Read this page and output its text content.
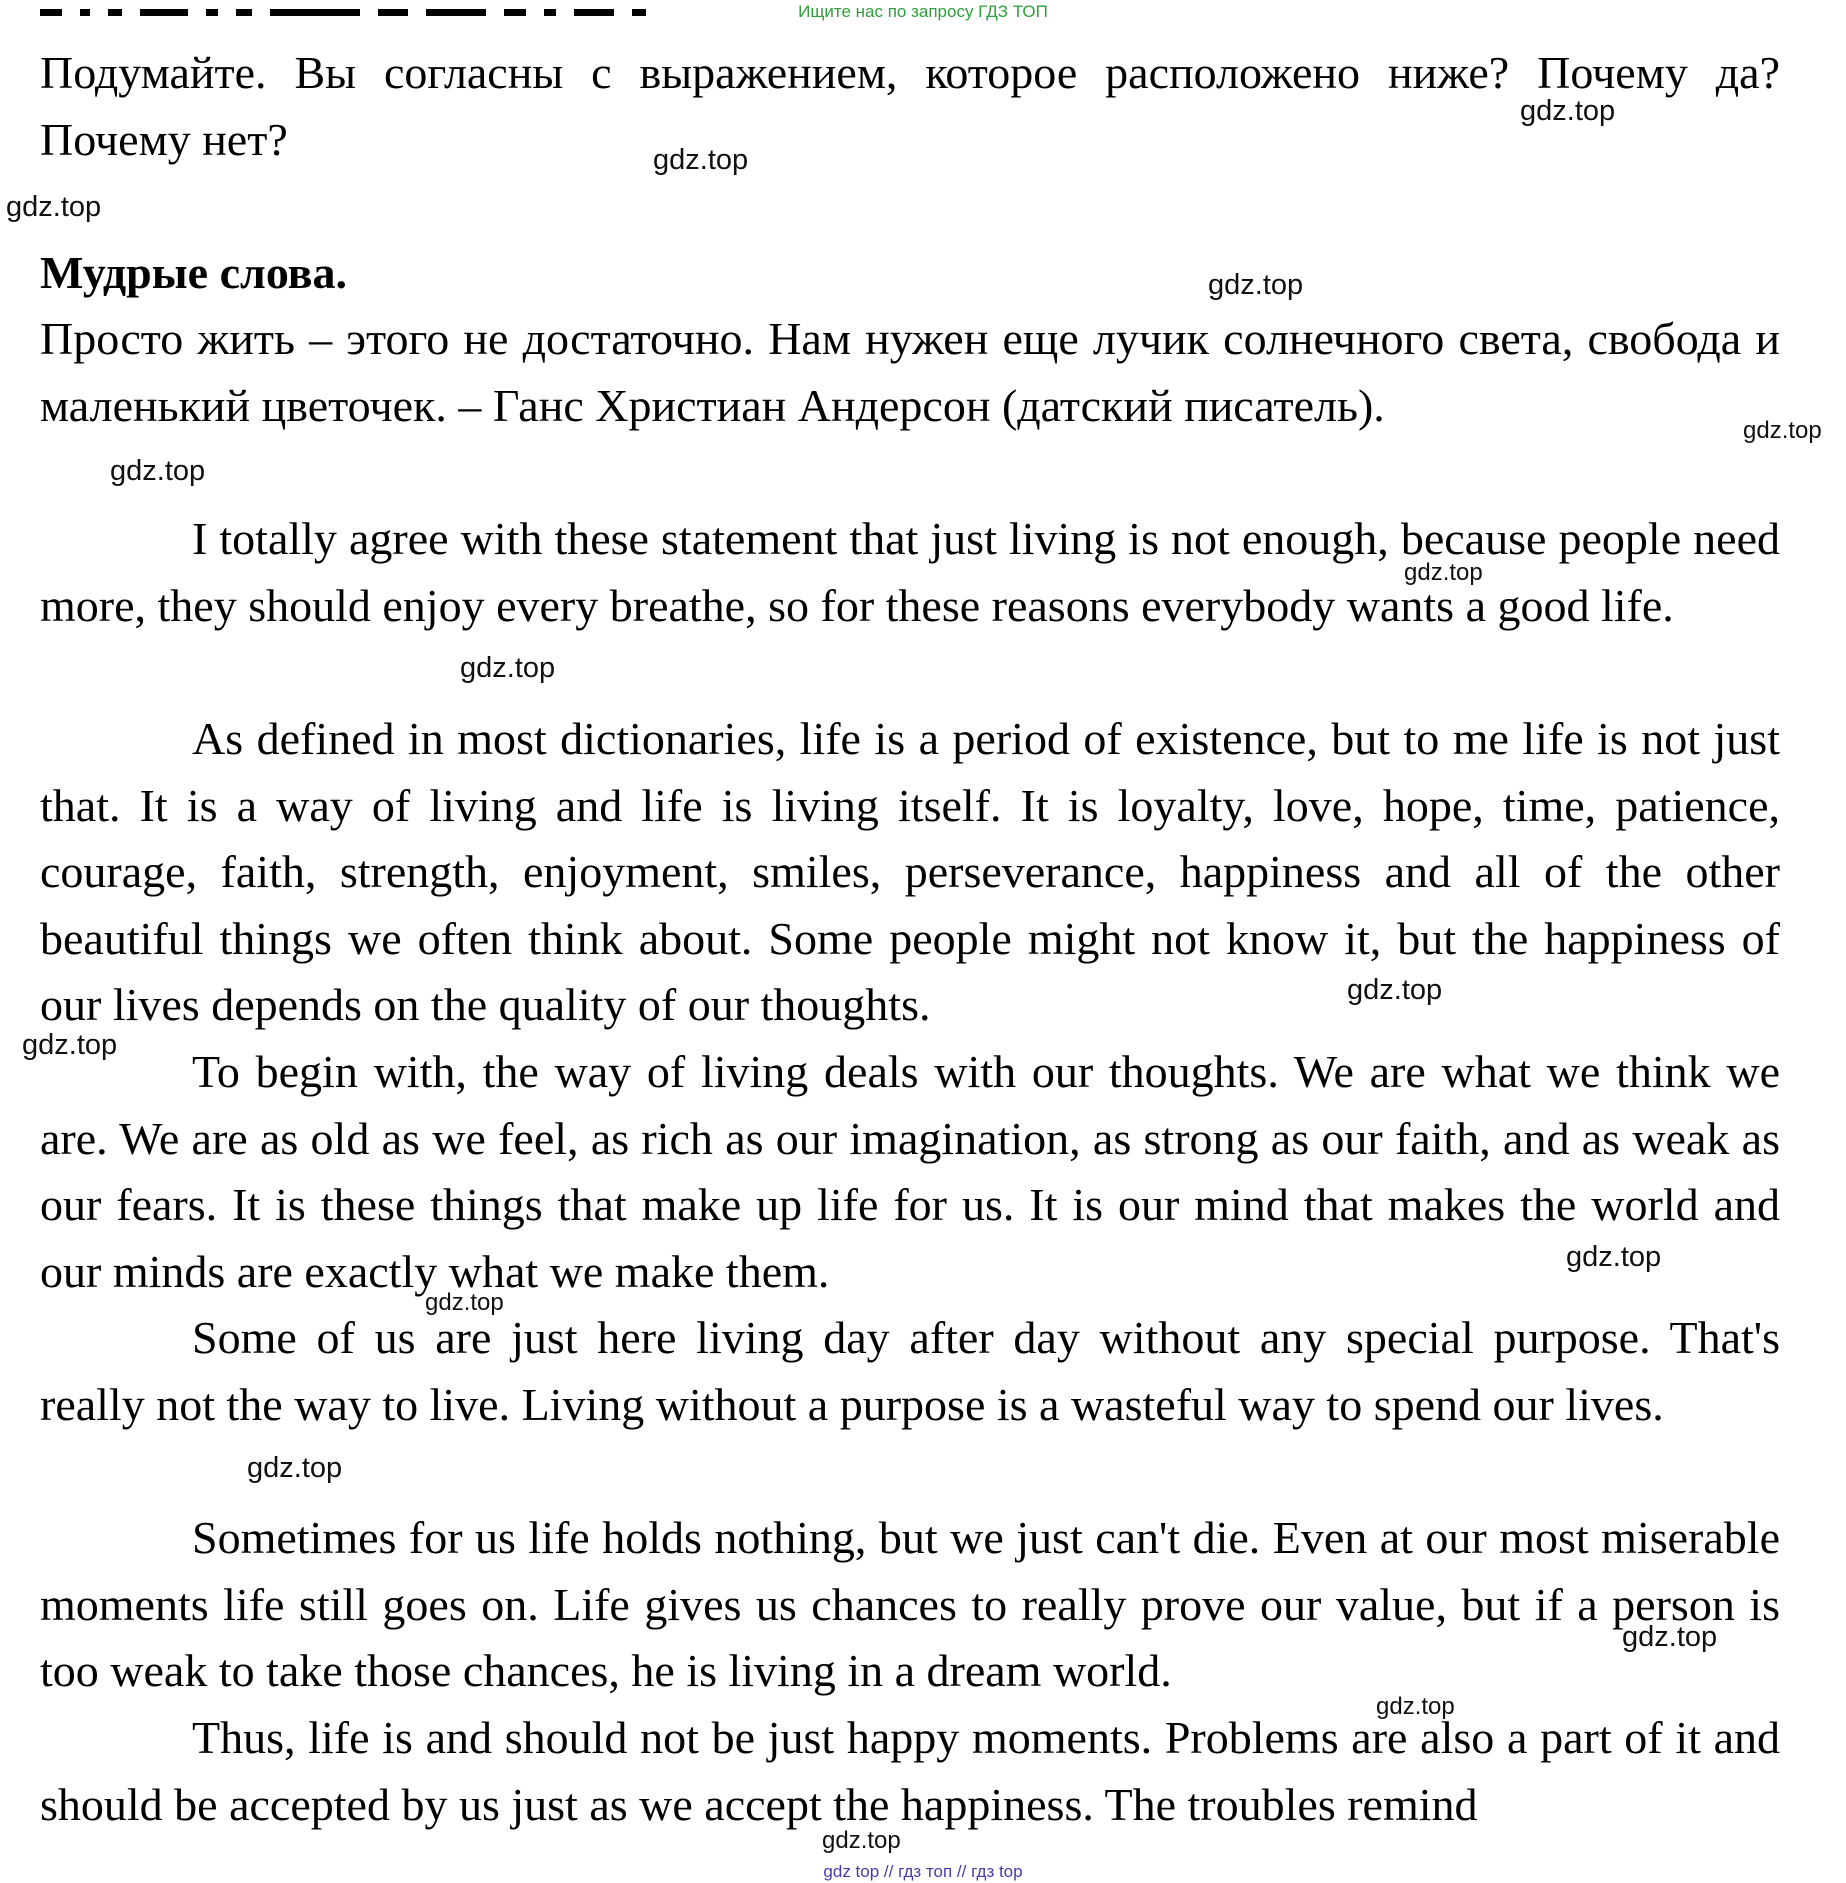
Ищите нас по запросу ГДЗ ТОП

Подумайте. Вы согласны с выражением, которое расположено ниже? Почему да? Почему нет?

Мудрые слова.

Просто жить – этого не достаточно. Нам нужен еще лучик солнечного света, свобода и маленький цветочек. – Ганс Христиан Андерсон (датский писатель).

I totally agree with these statement that just living is not enough, because people need more, they should enjoy every breathe, so for these reasons everybody wants a good life.

As defined in most dictionaries, life is a period of existence, but to me life is not just that. It is a way of living and life is living itself. It is loyalty, love, hope, time, patience, courage, faith, strength, enjoyment, smiles, perseverance, happiness and all of the other beautiful things we often think about. Some people might not know it, but the happiness of our lives depends on the quality of our thoughts.

To begin with, the way of living deals with our thoughts. We are what we think we are. We are as old as we feel, as rich as our imagination, as strong as our faith, and as weak as our fears. It is these things that make up life for us. It is our mind that makes the world and our minds are exactly what we make them.

Some of us are just here living day after day without any special purpose. That's really not the way to live. Living without a purpose is a wasteful way to spend our lives.

Sometimes for us life holds nothing, but we just can't die. Even at our most miserable moments life still goes on. Life gives us chances to really prove our value, but if a person is too weak to take those chances, he is living in a dream world.

Thus, life is and should not be just happy moments. Problems are also a part of it and should be accepted by us just as we accept the happiness. The troubles remind

gdz.top
gdz.top
gdz.top
gdz.top
gdz.top
gdz.top
gdz.top
gdz.top
gdz.top
gdz.top
gdz.top
gdz.top
gdz.top
gdz.top
gdz.top
gdz.top
gdz top // гдз топ // гдз top
